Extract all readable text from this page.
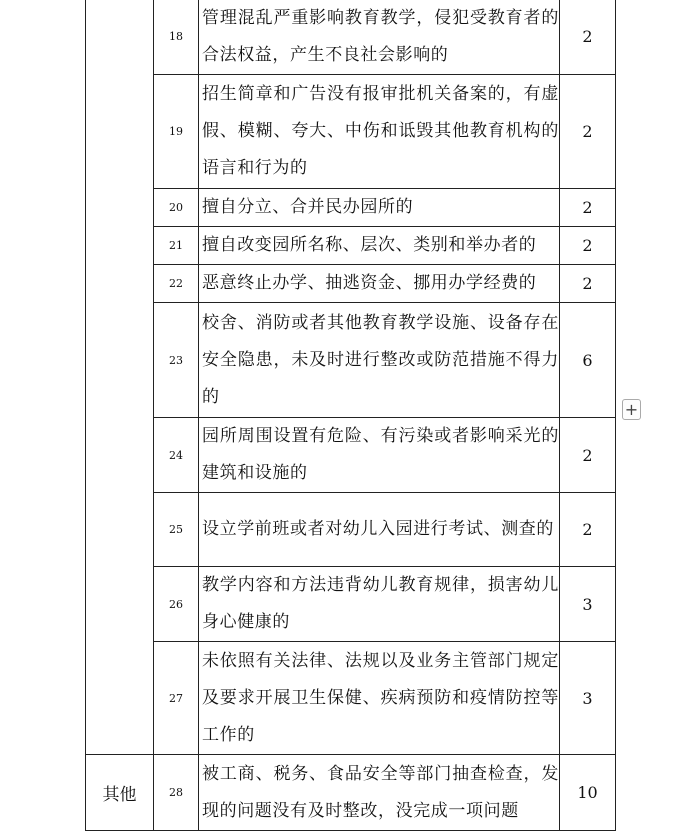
	18	管理混乱严重影响教育教学，侵犯受教育者的合法权益，产生不良社会影响的	2
	19	招生简章和广告没有报审批机关备案的，有虚假、模糊、夸大、中伤和诋毁其他教育机构的语言和行为的	2
	20	擅自分立、合并民办园所的	2
	21	擅自改变园所名称、层次、类别和举办者的	2
	22	恶意终止办学、抽逃资金、挪用办学经费的	2
	23	校舍、消防或者其他教育教学设施、设备存在安全隐患，未及时进行整改或防范措施不得力的	6
	24	园所周围设置有危险、有污染或者影响采光的建筑和设施的	2
	25	设立学前班或者对幼儿入园进行考试、测查的	2
	26	教学内容和方法违背幼儿教育规律，损害幼儿身心健康的	3
	27	未依照有关法律、法规以及业务主管部门规定及要求开展卫生保健、疾病预防和疫情防控等工作的	3
其他	28	被工商、税务、食品安全等部门抽查检查，发现的问题没有及时整改，没完成一项问题	10
+
